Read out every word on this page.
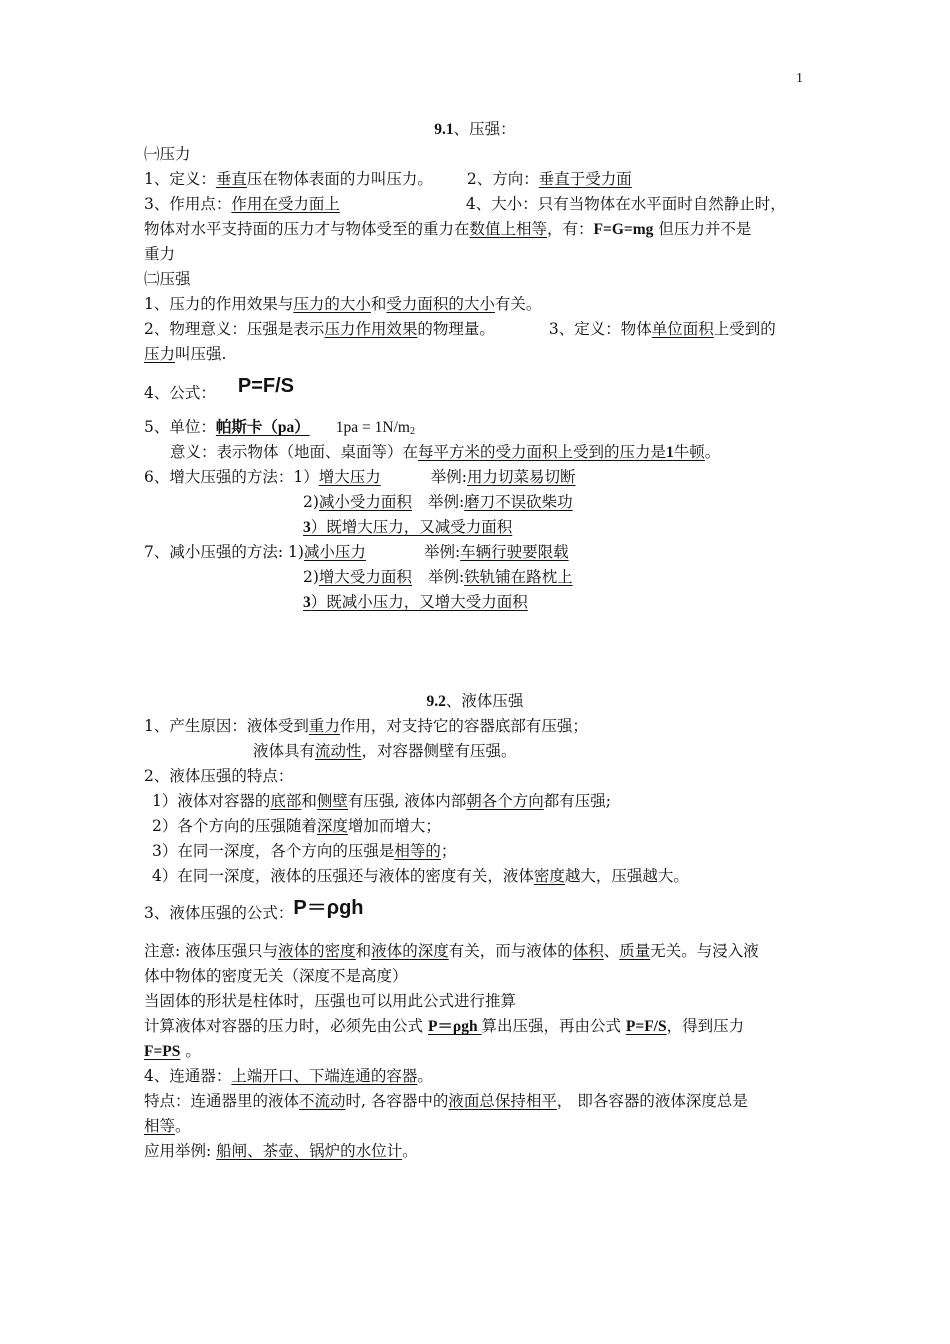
1
9.1、压强：
㈠压力
1、定义：垂直压在物体表面的力叫压力。 2、方向：垂直于受力面
3、作用点：作用在受力面上	4、大小：只有当物体在水平面时自然静止时，
物体对水平支持面的压力才与物体受至的重力在数值上相等，有：F=G=mg 但压力并不是
重力
㈡压强
1、压力的作用效果与压力的大小和受力面积的大小有关。
2、物理意义：压强是表示压力作用效果的物理量。	3、定义：物体单位面积上受到的
压力叫压强.
4、公式： P=F/S
5、单位：帕斯卡（pa） $1pa = 1N/m_2$
意义：表示物体（地面、桌面等）在每平方米的受力面积上受到的压力是1牛顿。
6、增大压强的方法：1）增大压力	举例:用力切菜易切断
2)减小受力面积 举例:磨刀不误砍柴功
3）既增大压力，又减受力面积
7、减小压强的方法: 1)减小压力	举例:车辆行驶要限载
2)增大受力面积 举例:铁轨铺在路枕上
3）既减小压力，又增大受力面积
9.2、液体压强
1、产生原因：液体受到重力作用，对支持它的容器底部有压强；
液体具有流动性，对容器侧壁有压强。
2、液体压强的特点：
1）液体对容器的底部和侧壁有压强, 液体内部朝各个方向都有压强;
2）各个方向的压强随着深度增加而增大；
3）在同一深度，各个方向的压强是相等的；
4）在同一深度，液体的压强还与液体的密度有关，液体密度越大，压强越大。
3、液体压强的公式：P＝ρgh
注意: 液体压强只与液体的密度和液体的深度有关，而与液体的体积、质量无关。与浸入液
体中物体的密度无关（深度不是高度）
当固体的形状是柱体时，压强也可以用此公式进行推算
计算液体对容器的压力时，必须先由公式 P＝ρgh 算出压强，再由公式 P=F/S，得到压力
F=PS 。
4、连通器：上端开口、下端连通的容器。
特点：连通器里的液体不流动时, 各容器中的液面总保持相平， 即各容器的液体深度总是
相等。
应用举例: 船闸、茶壶、锅炉的水位计。
